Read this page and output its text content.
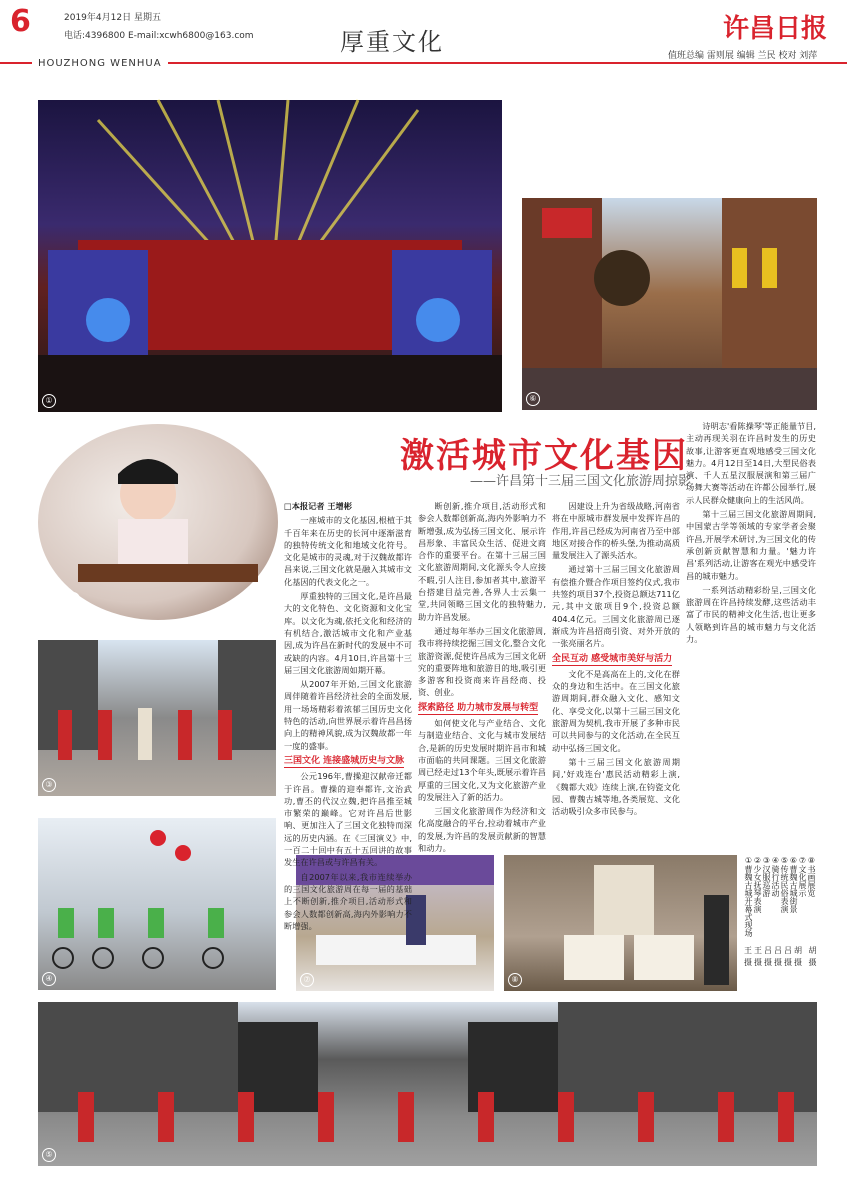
6	2019年4月12日 星期五
电话:4396800 E-mail:xcwh6800@163.com	厚重文化	许昌日报
值班总编 雷则展 编辑 兰民 校对 刘萍
HOUZHONG WENHUA
①	⑥
②
激活城市文化基因
——许昌第十三届三国文化旅游周掠影
③
④	⑦	⑧
⑤

□本报记者 王增彬

一座城市的文化基因,根植于其千百年来在历史的长河中逐渐滋育的独特传统文化和地域文化符号。文化是城市的灵魂,对于汉魏故都许昌来说,三国文化就是融入其城市文化基因的代表文化之一。

厚重独特的三国文化,是许昌最大的文化特色、文化资源和文化宝库。以文化为魂,依托文化和经济的有机结合,激活城市文化和产业基因,成为许昌在新时代的发展中不可或缺的内容。4月10日,许昌第十三届三国文化旅游周如期开幕。

从2007年开始,三国文化旅游周伴随着许昌经济社会的全面发展,用一场场精彩着浓郁三国历史文化特色的活动,向世界展示着许昌昌扬向上的精神风貌,成为汉魏故都一年一度的盛事。

三国文化 连接盛城历史与文脉

公元196年,曹操迎汉献帝迁都于许昌。曹操的迎奉都许,文治武功,曹丕的代汉立魏,把许昌推至城市繁荣的巅峰。它对许昌后世影响、更加注入了三国文化独特而深远的历史内涵。在《三国演义》中,一百二十回中有五十五回讲的故事发生在许昌或与许昌有关。

自2007年以来,我市连续举办的三国文化旅游周在每一届的基础上不断创新,推介项目,活动形式和参会人数都创新高,海内外影响力不断增强。

断创新,推介项目,活动形式和参会人数都创新高,海内外影响力不断增强,成为弘扬三国文化、展示许昌形象、丰富民众生活、促进文商合作的重要平台。在第十三届三国文化旅游周期间,文化源头令人应接不暇,引人注目,参加者其中,旅游平台搭建目益完善,各界人士云集一堂,共同领略三国文化的独特魅力,助力许昌发展。

通过每年举办三国文化旅游周,我市将持续挖掘三国文化,整合文化旅游资源,促使许昌成为三国文化研究的重要阵地和旅游目的地,吸引更多游客和投资商来许昌经商、投资、创业。

探索路径 助力城市发展与转型

如何使文化与产业结合、文化与制造业结合、文化与城市发展结合,是新的历史发展时期许昌市和城市面临的共同课题。三国文化旅游周已经走过13个年头,既展示着许昌厚重的三国文化,又为文化旅游产业的发展注入了新的活力。

三国文化旅游周作为经济和文化高度融合的平台,拉动着城市产业的发展,为许昌的发展贡献新的智慧和动力。

因建设上升为省级战略,河南省将在中原城市群发展中发挥许昌的作用,许昌已经成为河南省乃至中部地区对接合作的桥头堡,为推动高质量发展注入了源头活水。

通过第十三届三国文化旅游周有偿推介暨合作项目签约仪式,我市共签约项目37个,投资总额达711亿元,其中文旅项目9个,投资总额404.4亿元。三国文化旅游周已逐渐成为许昌招商引资、对外开放的一张亮丽名片。

全民互动 感受城市美好与活力

文化不是高高在上的,文化在群众的身边和生活中。在三国文化旅游周期间,群众融入文化、感知文化、享受文化,以第十三届三国文化旅游周为契机,我市开展了多种市民可以共同参与的文化活动,在全民互动中弘扬三国文化。

第十三届三国文化旅游周期间,'好戏连台'惠民活动精彩上演,《魏都大戏》连续上演,在钧瓷文化园、曹魏古城等地,各类展览、文化活动吸引众多市民参与。

诗明志'看陈操琴'等正能量节目,主动再现关羽在许昌时发生的历史故事,让游客更直观地感受三国文化魅力。4月12日至14日,大型民俗表演、千人五星汉服展演和第三届广场舞大赛等活动在许都公园举行,展示人民群众健康向上的生活风尚。

第十三届三国文化旅游周期间,中国蒙古学等领域的专家学者会聚许昌,开展学术研讨,为三国文化的传承创新贡献智慧和力量。'魅力许昌'系列活动,让游客在观光中感受许昌的城市魅力。

一系列活动精彩纷呈,三国文化旅游周在许昌持续发酵,这些活动丰富了市民的精神文化生活,也让更多人领略到许昌的城市魅力与文化活力。

①曹魏古城开幕式现场 ②少女抚琴表演 ③汉服巡游 ④骑行活动 ⑤传统民俗表演 ⑥曹魏古城街景 ⑦文化展示 ⑧书画展览
王王吕吕吕胡 胡
摄摄摄摄摄摄 摄
